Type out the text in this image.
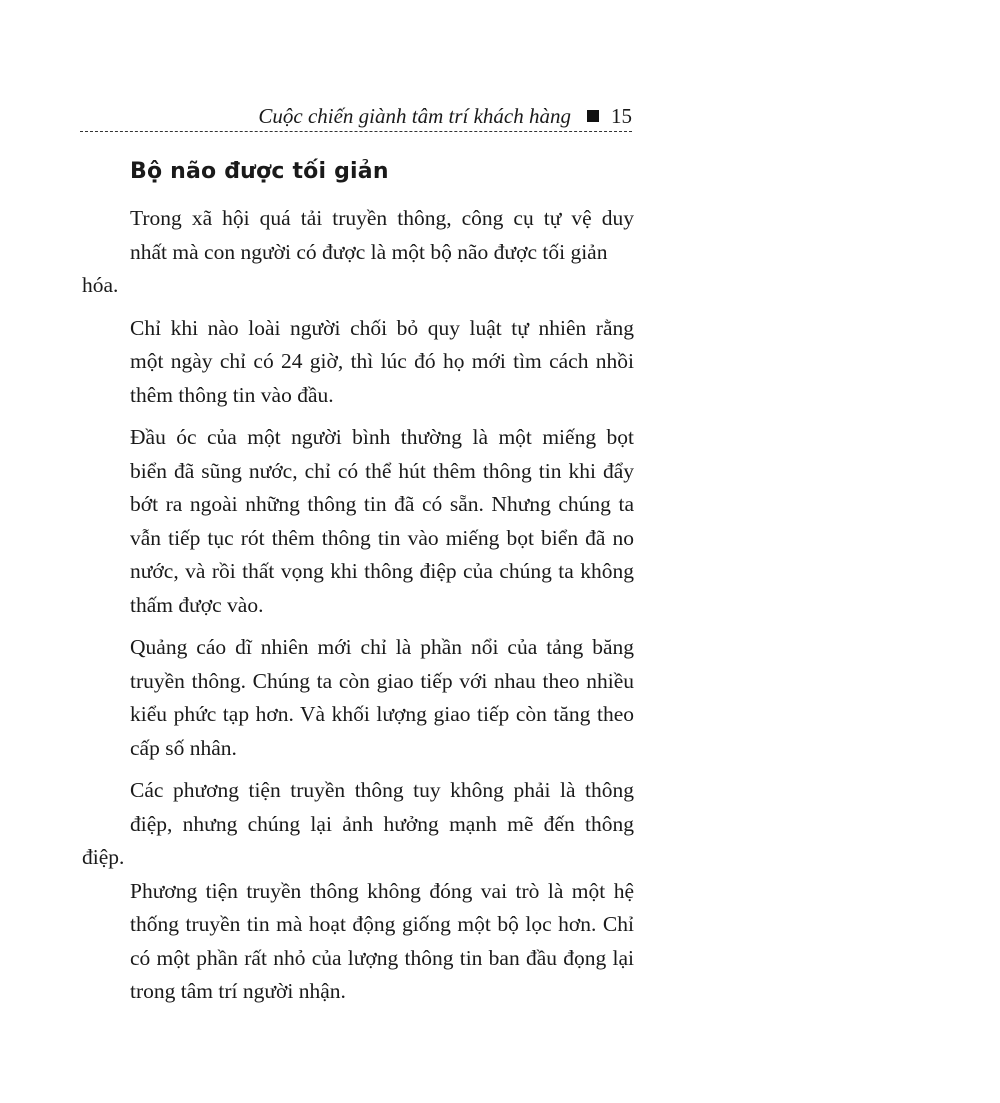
Cuộc chiến giành tâm trí khách hàng 15
Bộ não được tối giản

Trong xã hội quá tải truyền thông, công cụ tự vệ duy
nhất mà con người có được là một bộ não được tối giản hóa.

Chỉ khi nào loài người chối bỏ quy luật tự nhiên rằng
một ngày chỉ có 24 giờ, thì lúc đó họ mới tìm cách nhồi
thêm thông tin vào đầu.

Đầu óc của một người bình thường là một miếng bọt
biển đã sũng nước, chỉ có thể hút thêm thông tin khi đẩy
bớt ra ngoài những thông tin đã có sẵn. Nhưng chúng ta
vẫn tiếp tục rót thêm thông tin vào miếng bọt biển đã no
nước, và rồi thất vọng khi thông điệp của chúng ta không
thấm được vào.

Quảng cáo dĩ nhiên mới chỉ là phần nổi của tảng băng
truyền thông. Chúng ta còn giao tiếp với nhau theo nhiều
kiểu phức tạp hơn. Và khối lượng giao tiếp còn tăng theo
cấp số nhân.

Các phương tiện truyền thông tuy không phải là thông
điệp, nhưng chúng lại ảnh hưởng mạnh mẽ đến thông điệp.
Phương tiện truyền thông không đóng vai trò là một hệ
thống truyền tin mà hoạt động giống một bộ lọc hơn. Chỉ
có một phần rất nhỏ của lượng thông tin ban đầu đọng lại
trong tâm trí người nhận.
